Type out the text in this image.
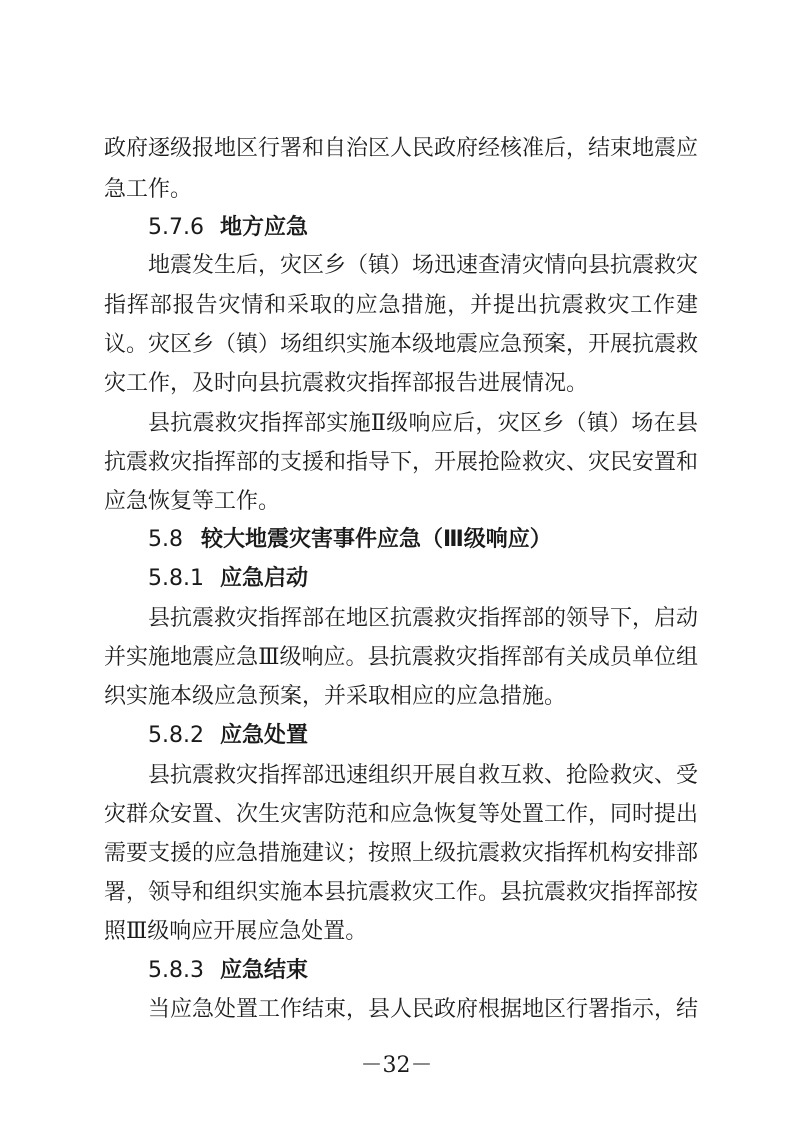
政府逐级报地区行署和自治区人民政府经核准后，结束地震应
急工作。
5.7.6 地方应急
地震发生后，灾区乡（镇）场迅速查清灾情向县抗震救灾
指挥部报告灾情和采取的应急措施，并提出抗震救灾工作建
议。灾区乡（镇）场组织实施本级地震应急预案，开展抗震救
灾工作，及时向县抗震救灾指挥部报告进展情况。
县抗震救灾指挥部实施Ⅱ级响应后，灾区乡（镇）场在县
抗震救灾指挥部的支援和指导下，开展抢险救灾、灾民安置和
应急恢复等工作。
5.8 较大地震灾害事件应急（Ⅲ级响应）
5.8.1 应急启动
县抗震救灾指挥部在地区抗震救灾指挥部的领导下，启动
并实施地震应急Ⅲ级响应。县抗震救灾指挥部有关成员单位组
织实施本级应急预案，并采取相应的应急措施。
5.8.2 应急处置
县抗震救灾指挥部迅速组织开展自救互救、抢险救灾、受
灾群众安置、次生灾害防范和应急恢复等处置工作，同时提出
需要支援的应急措施建议；按照上级抗震救灾指挥机构安排部
署，领导和组织实施本县抗震救灾工作。县抗震救灾指挥部按
照Ⅲ级响应开展应急处置。
5.8.3 应急结束
当应急处置工作结束，县人民政府根据地区行署指示，结
－32－
